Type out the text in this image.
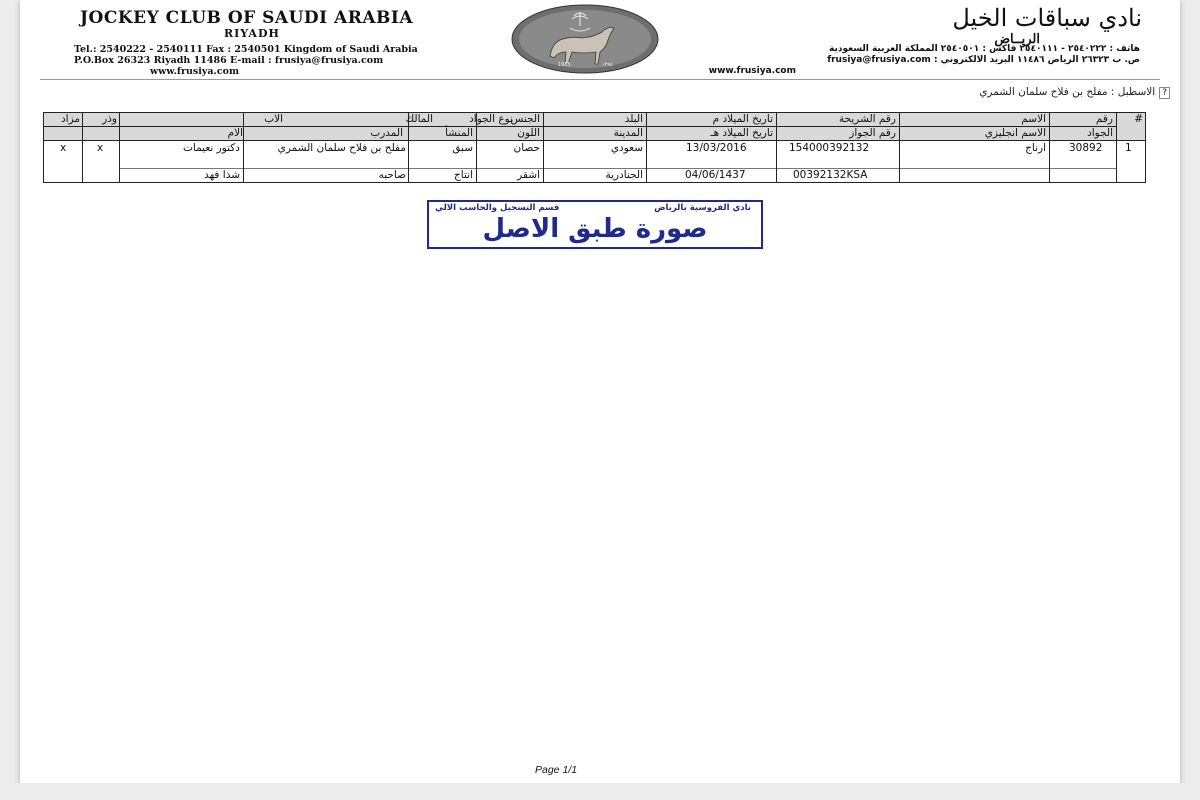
JOCKEY CLUB OF SAUDI ARABIA
RIYADH
Tel.: 2540222 - 2540111 Fax : 2540501 Kingdom of Saudi Arabia
P.O.Box 26323 Riyadh 11486 E-mail : frusiya@frusiya.com
www.frusiya.com
1965	١٣٨٥
نادي سباقات الخيل
الريــاض
هاتف : ٢٥٤٠٢٢٢ - ٢٥٤٠١١١ فاكس : ٢٥٤٠٥٠١ المملكة العربية السعودية
ص. ب ٢٦٣٢٣ الرياض ١١٤٨٦ البريد الالكتروني : frusiya@frusiya.com
www.frusiya.com
?الاسطبل : مفلح بن فلاح سلمان الشمري
#
رقم
الاسم
رقم الشريحة
تاريخ الميلاد م
البلد
الجنس
نوع الجواد
المالك
الاب
وذر
مزاد
الجواد
الاسم انجليزي
رقم الجواز
تاريخ الميلاد هـ
المدينة
اللون
المنشأ
المدرب
الام
1
30892
ارناج
154000392132
13/03/2016
سعودي
حصان
سبق
مفلح بن فلاح سلمان الشمري
دكتور نعيمات
x
x
00392132KSA
04/06/1437
الجنادرية
اشقر
انتاج
صاحبه
شذا فهد
نادي الفروسية بالرياض
قسم التسجيل والحاسب الالي
صورة طبق الاصل
Page 1/1
